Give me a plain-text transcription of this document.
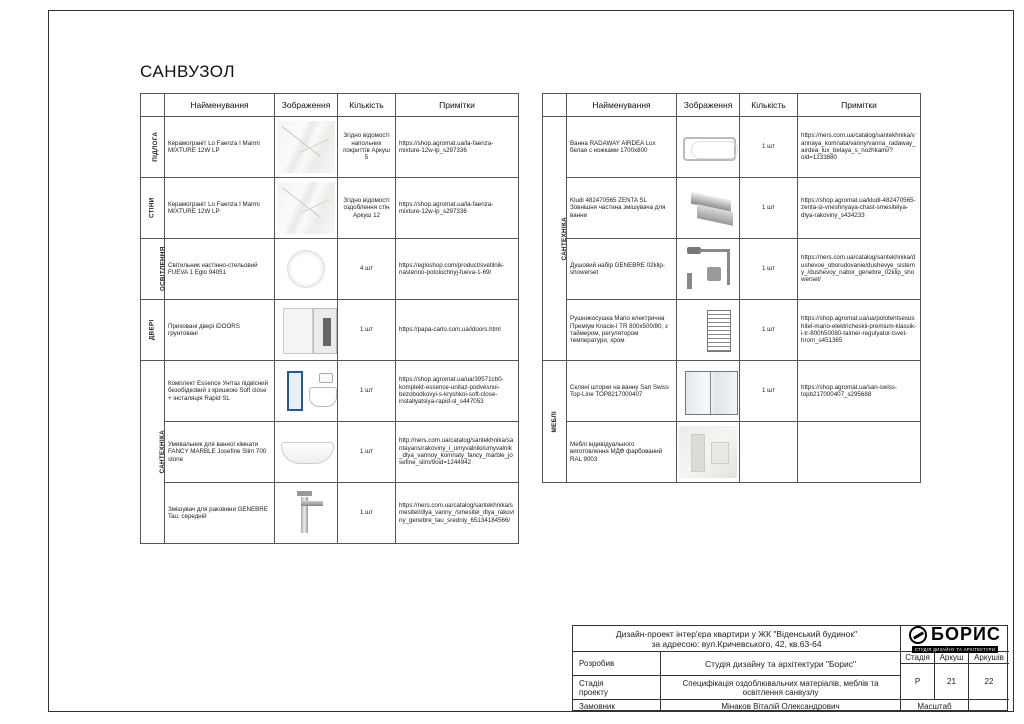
САНВУЗОЛ
	Найменування	Зображення	Кількість	Примітки
ПІДЛОГА	Керамограніт Lo Faenza I Marmi MIXTURE 12W LP		Згідно відомості напольних покриттів Аркуш 5	https://shop.agromat.ua/la-faenza-mixture-12w-lp_s297336
СТІНИ	Керамограніт Lo Faenza I Marmi MIXTURE 12W LP		Згідно відомості оздоблення стін Аркуш 12	https://shop.agromat.ua/la-faenza-mixture-12w-lp_s297336
ОСВІТЛЕННЯ	Світильник настінно-стельовий FUEVA 1 Eglo 94051		4 шт	https://egloshop.com/product/svetilnik-nastenno-potolochnyj-fueva-1-69/
ДВЕРІ	Приховані двері iDOORS грунтовані		1 шт	https://papa-carlo.com.ua/idoors.html
САНТЕХНІКА	Комплект Essence Унітаз підвісний безобідковий з кришкою Soft close + інсталяція Rapid SL		1 шт	https://shop.agromat.ua/ua/39571cb0-komplekt-essence-unitaz-podvesnoi-bezobodkovyi-s-kryshkoi-soft-close-installyatsiya-rapid-sl_s447053
	Умивальник для ванної кімнати FANCY MARBLE Josefine Slim 700 stone		1 шт	http://ners.com.ua/catalog/santekhnika/santayans/rakoviny_i_umyvalniki/umyvalnik_dlya_vannoy_komnaty_fancy_marble_josefine_slim/9oid=1244942
	Змішувач для раковини GENEBRE Tau, середній		1 шт	https://ners.com.ua/catalog/santekhnika/smesitel/dlya_vanny_/smesitel_dlya_rakoviny_genebre_tau_sredniy_65134184566/
	Найменування	Зображення	Кількість	Примітки
САНТЕХНІКА	Ванна RADAWAY AIRDEA Lux белая с ножками 1700x800		1 шт	https://ners.com.ua/catalog/santekhnika/vannaya_komnata/vanny/vanna_radaway_airdea_lux_belaya_s_nozhkami/?oid=1233880
	Kludi 482470565 ZENTA SL Зовнішня частина змішувача для ванни		1 шт	https://shop.agromat.ua/kludi-482470565-zenta-sl-vneshnyaya-chast-smesitelya-dlya-rakoviny_s434233
	Душовий набір GENEBRE 02klip-showerset		1 шт	https://ners.com.ua/catalog/santekhnika/dushevoe_oborudovanie/dushevye_sistemy_/dushevoy_nabor_genebre_02klip_showerset/
	Рушникосушка Mario електрична Преміум Класік-I TR 800x500/80, з таймером, регулятором температури, хром		1 шт	https://shop.agromat.ua/ua/polotentsesushitel-mario-elektricheskii-premium-klassik-i-tr-800h50080-taimer-regulyator-tsvet-hrom_s451365
МЕБЛІ	Скляні шторки на ванну San Swiss Top-Line TOP8217000407		1 шт	https://shop.agromat.ua/san-swiss-topb217000407_s295688
	Меблі індивідуального виготовлення МДФ фарбований RAL 9003	

Дизайн-проект інтер'єра квартири у ЖК "Віденський будинок"
за адресою: вул.Кричевського, 42, кв.63-64	БОРИС
СТУДІЯ ДИЗАЙНУ ТА АРХІТЕКТУРИ
Розробив	Студія дизайну та архітектури "Борис"
Стадія	Аркуш	Аркушів
Стадія проекту
Специфікація оздоблювальних матеріалів, меблів та освітлення санвузлу
Р	21	22
Замовник	Мінаков Віталій Олександрович	Масштаб
